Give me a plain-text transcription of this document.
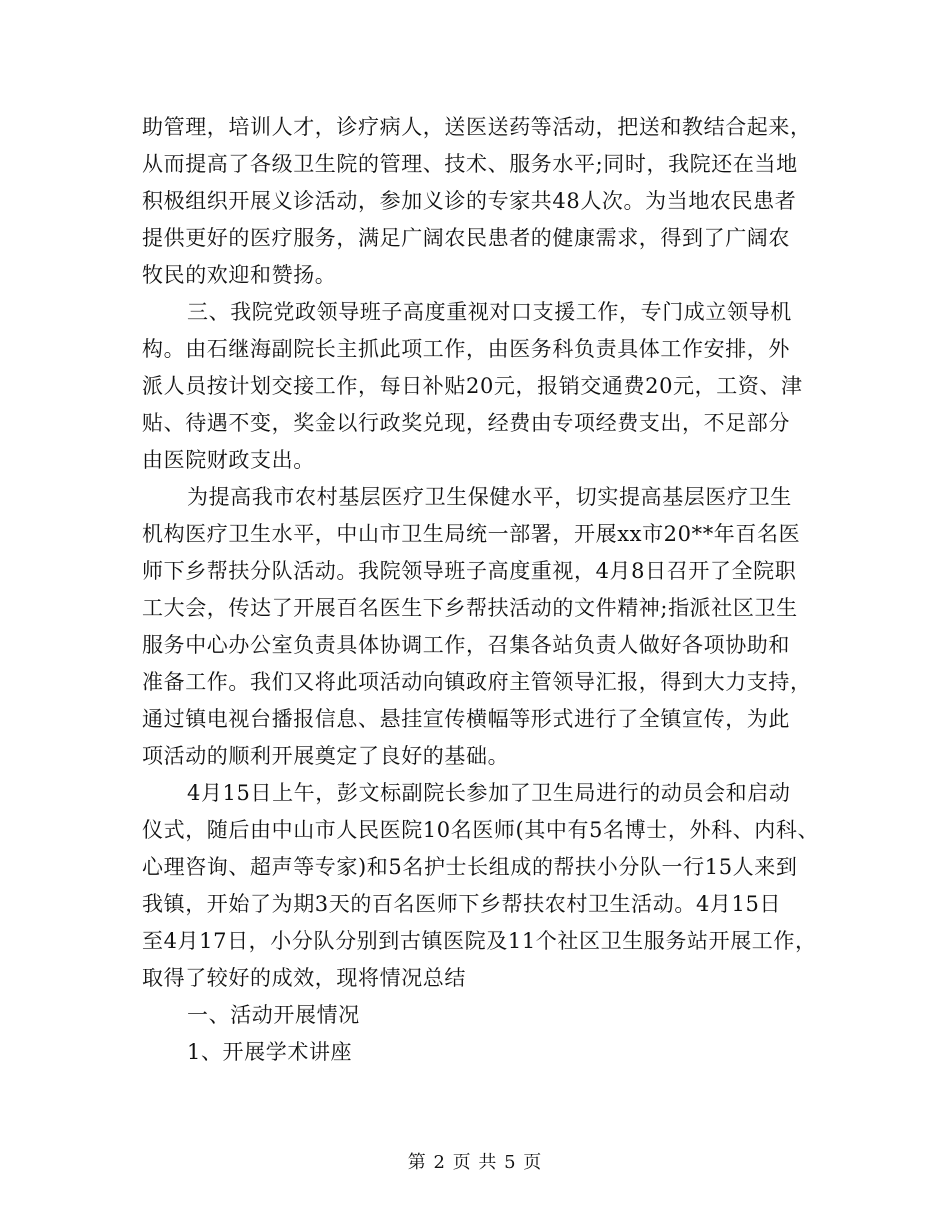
助管理，培训人才，诊疗病人，送医送药等活动，把送和教结合起来，
从而提高了各级卫生院的管理、技术、服务水平;同时，我院还在当地
积极组织开展义诊活动，参加义诊的专家共48人次。为当地农民患者
提供更好的医疗服务，满足广阔农民患者的健康需求，得到了广阔农
牧民的欢迎和赞扬。
三、我院党政领导班子高度重视对口支援工作，专门成立领导机
构。由石继海副院长主抓此项工作，由医务科负责具体工作安排，外
派人员按计划交接工作，每日补贴20元，报销交通费20元，工资、津
贴、待遇不变，奖金以行政奖兑现，经费由专项经费支出，不足部分
由医院财政支出。
为提高我市农村基层医疗卫生保健水平，切实提高基层医疗卫生
机构医疗卫生水平，中山市卫生局统一部署，开展xx市20**年百名医
师下乡帮扶分队活动。我院领导班子高度重视，4月8日召开了全院职
工大会，传达了开展百名医生下乡帮扶活动的文件精神;指派社区卫生
服务中心办公室负责具体协调工作，召集各站负责人做好各项协助和
准备工作。我们又将此项活动向镇政府主管领导汇报，得到大力支持，
通过镇电视台播报信息、悬挂宣传横幅等形式进行了全镇宣传，为此
项活动的顺利开展奠定了良好的基础。
4月15日上午，彭文标副院长参加了卫生局进行的动员会和启动
仪式，随后由中山市人民医院10名医师(其中有5名博士，外科、内科、
心理咨询、超声等专家)和5名护士长组成的帮扶小分队一行15人来到
我镇，开始了为期3天的百名医师下乡帮扶农村卫生活动。4月15日
至4月17日，小分队分别到古镇医院及11个社区卫生服务站开展工作，
取得了较好的成效，现将情况总结
一、活动开展情况
1、开展学术讲座
第 2 页 共 5 页
